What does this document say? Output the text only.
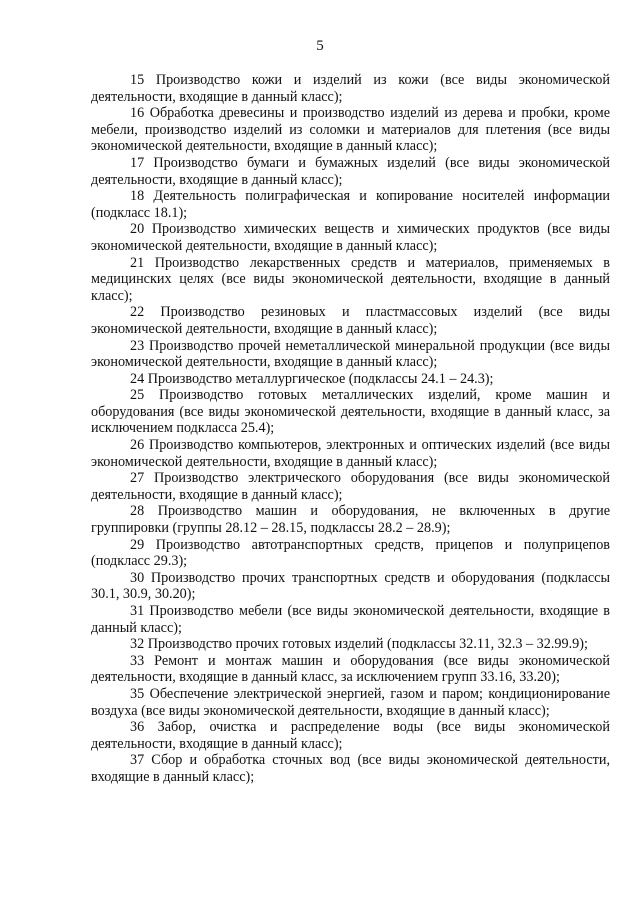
5

15 Производство кожи и изделий из кожи (все виды экономической деятельности, входящие в данный класс);

16 Обработка древесины и производство изделий из дерева и пробки, кроме мебели, производство изделий из соломки и материалов для плетения (все виды экономической деятельности, входящие в данный класс);

17 Производство бумаги и бумажных изделий (все виды экономической деятельности, входящие в данный класс);

18 Деятельность полиграфическая и копирование носителей информации (подкласс 18.1);

20 Производство химических веществ и химических продуктов (все виды экономической деятельности, входящие в данный класс);

21 Производство лекарственных средств и материалов, применяемых в медицинских целях (все виды экономической деятельности, входящие в данный класс);

22 Производство резиновых и пластмассовых изделий (все виды экономической деятельности, входящие в данный класс);

23 Производство прочей неметаллической минеральной продукции (все виды экономической деятельности, входящие в данный класс);

24 Производство металлургическое (подклассы 24.1 – 24.3);

25 Производство готовых металлических изделий, кроме машин и оборудования (все виды экономической деятельности, входящие в данный класс, за исключением подкласса 25.4);

26 Производство компьютеров, электронных и оптических изделий (все виды экономической деятельности, входящие в данный класс);

27 Производство электрического оборудования (все виды экономической деятельности, входящие в данный класс);

28 Производство машин и оборудования, не включенных в другие группировки (группы 28.12 – 28.15, подклассы 28.2 – 28.9);

29 Производство автотранспортных средств, прицепов и полуприцепов (подкласс 29.3);

30 Производство прочих транспортных средств и оборудования (подклассы 30.1, 30.9, 30.20);

31 Производство мебели (все виды экономической деятельности, входящие в данный класс);

32 Производство прочих готовых изделий (подклассы 32.11, 32.3 – 32.99.9);

33 Ремонт и монтаж машин и оборудования (все виды экономической деятельности, входящие в данный класс, за исключением групп 33.16, 33.20);

35 Обеспечение электрической энергией, газом и паром; кондиционирование воздуха (все виды экономической деятельности, входящие в данный класс);

36 Забор, очистка и распределение воды (все виды экономической деятельности, входящие в данный класс);

37 Сбор и обработка сточных вод (все виды экономической деятельности, входящие в данный класс);
